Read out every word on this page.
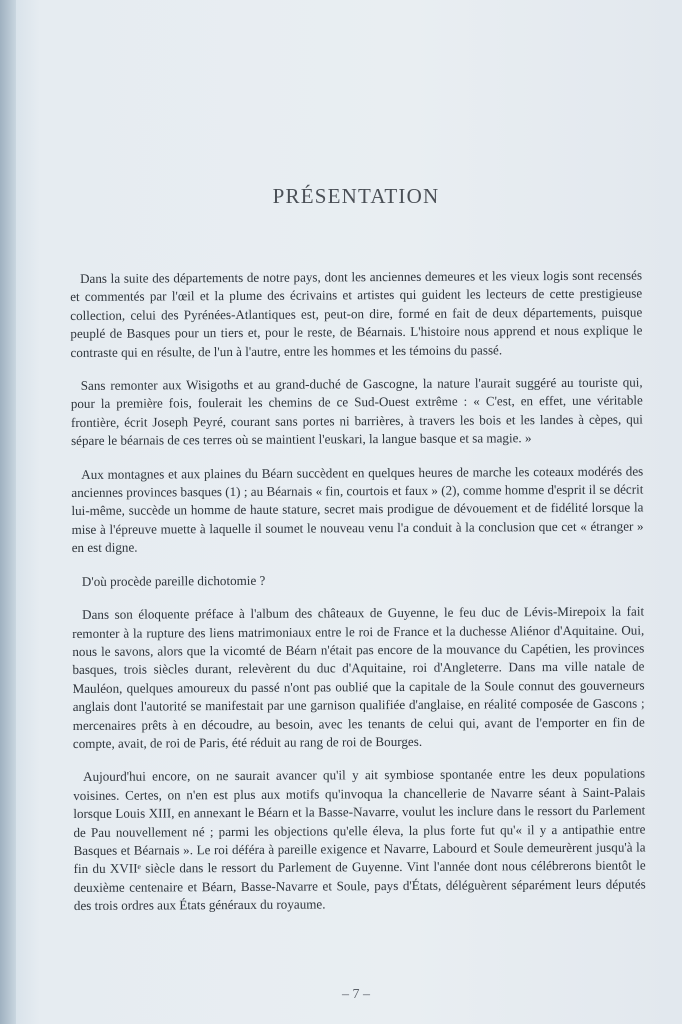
PRÉSENTATION

Dans la suite des départements de notre pays, dont les anciennes demeures et les vieux logis sont recensés et commentés par l'œil et la plume des écrivains et artistes qui guident les lecteurs de cette prestigieuse collection, celui des Pyrénées-Atlantiques est, peut-on dire, formé en fait de deux départements, puisque peuplé de Basques pour un tiers et, pour le reste, de Béarnais. L'histoire nous apprend et nous explique le contraste qui en résulte, de l'un à l'autre, entre les hommes et les témoins du passé.

Sans remonter aux Wisigoths et au grand-duché de Gascogne, la nature l'aurait suggéré au touriste qui, pour la première fois, foulerait les chemins de ce Sud-Ouest extrême : « C'est, en effet, une véritable frontière, écrit Joseph Peyré, courant sans portes ni barrières, à travers les bois et les landes à cèpes, qui sépare le béarnais de ces terres où se maintient l'euskari, la langue basque et sa magie. »

Aux montagnes et aux plaines du Béarn succèdent en quelques heures de marche les coteaux modérés des anciennes provinces basques (1) ; au Béarnais « fin, courtois et faux » (2), comme homme d'esprit il se décrit lui-même, succède un homme de haute stature, secret mais prodigue de dévouement et de fidélité lorsque la mise à l'épreuve muette à laquelle il soumet le nouveau venu l'a conduit à la conclusion que cet « étranger » en est digne.

D'où procède pareille dichotomie ?

Dans son éloquente préface à l'album des châteaux de Guyenne, le feu duc de Lévis-Mirepoix la fait remonter à la rupture des liens matrimoniaux entre le roi de France et la duchesse Aliénor d'Aquitaine. Oui, nous le savons, alors que la vicomté de Béarn n'était pas encore de la mouvance du Capétien, les provinces basques, trois siècles durant, relevèrent du duc d'Aquitaine, roi d'Angleterre. Dans ma ville natale de Mauléon, quelques amoureux du passé n'ont pas oublié que la capitale de la Soule connut des gouverneurs anglais dont l'autorité se manifestait par une garnison qualifiée d'anglaise, en réalité composée de Gascons ; mercenaires prêts à en découdre, au besoin, avec les tenants de celui qui, avant de l'emporter en fin de compte, avait, de roi de Paris, été réduit au rang de roi de Bourges.

Aujourd'hui encore, on ne saurait avancer qu'il y ait symbiose spontanée entre les deux populations voisines. Certes, on n'en est plus aux motifs qu'invoqua la chancellerie de Navarre séant à Saint-Palais lorsque Louis XIII, en annexant le Béarn et la Basse-Navarre, voulut les inclure dans le ressort du Parlement de Pau nouvellement né ; parmi les objections qu'elle éleva, la plus forte fut qu'« il y a antipathie entre Basques et Béarnais ». Le roi déféra à pareille exigence et Navarre, Labourd et Soule demeurèrent jusqu'à la fin du XVIIᵉ siècle dans le ressort du Parlement de Guyenne. Vint l'année dont nous célébrerons bientôt le deuxième centenaire et Béarn, Basse-Navarre et Soule, pays d'États, déléguèrent séparément leurs députés des trois ordres aux États généraux du royaume.

– 7 –
